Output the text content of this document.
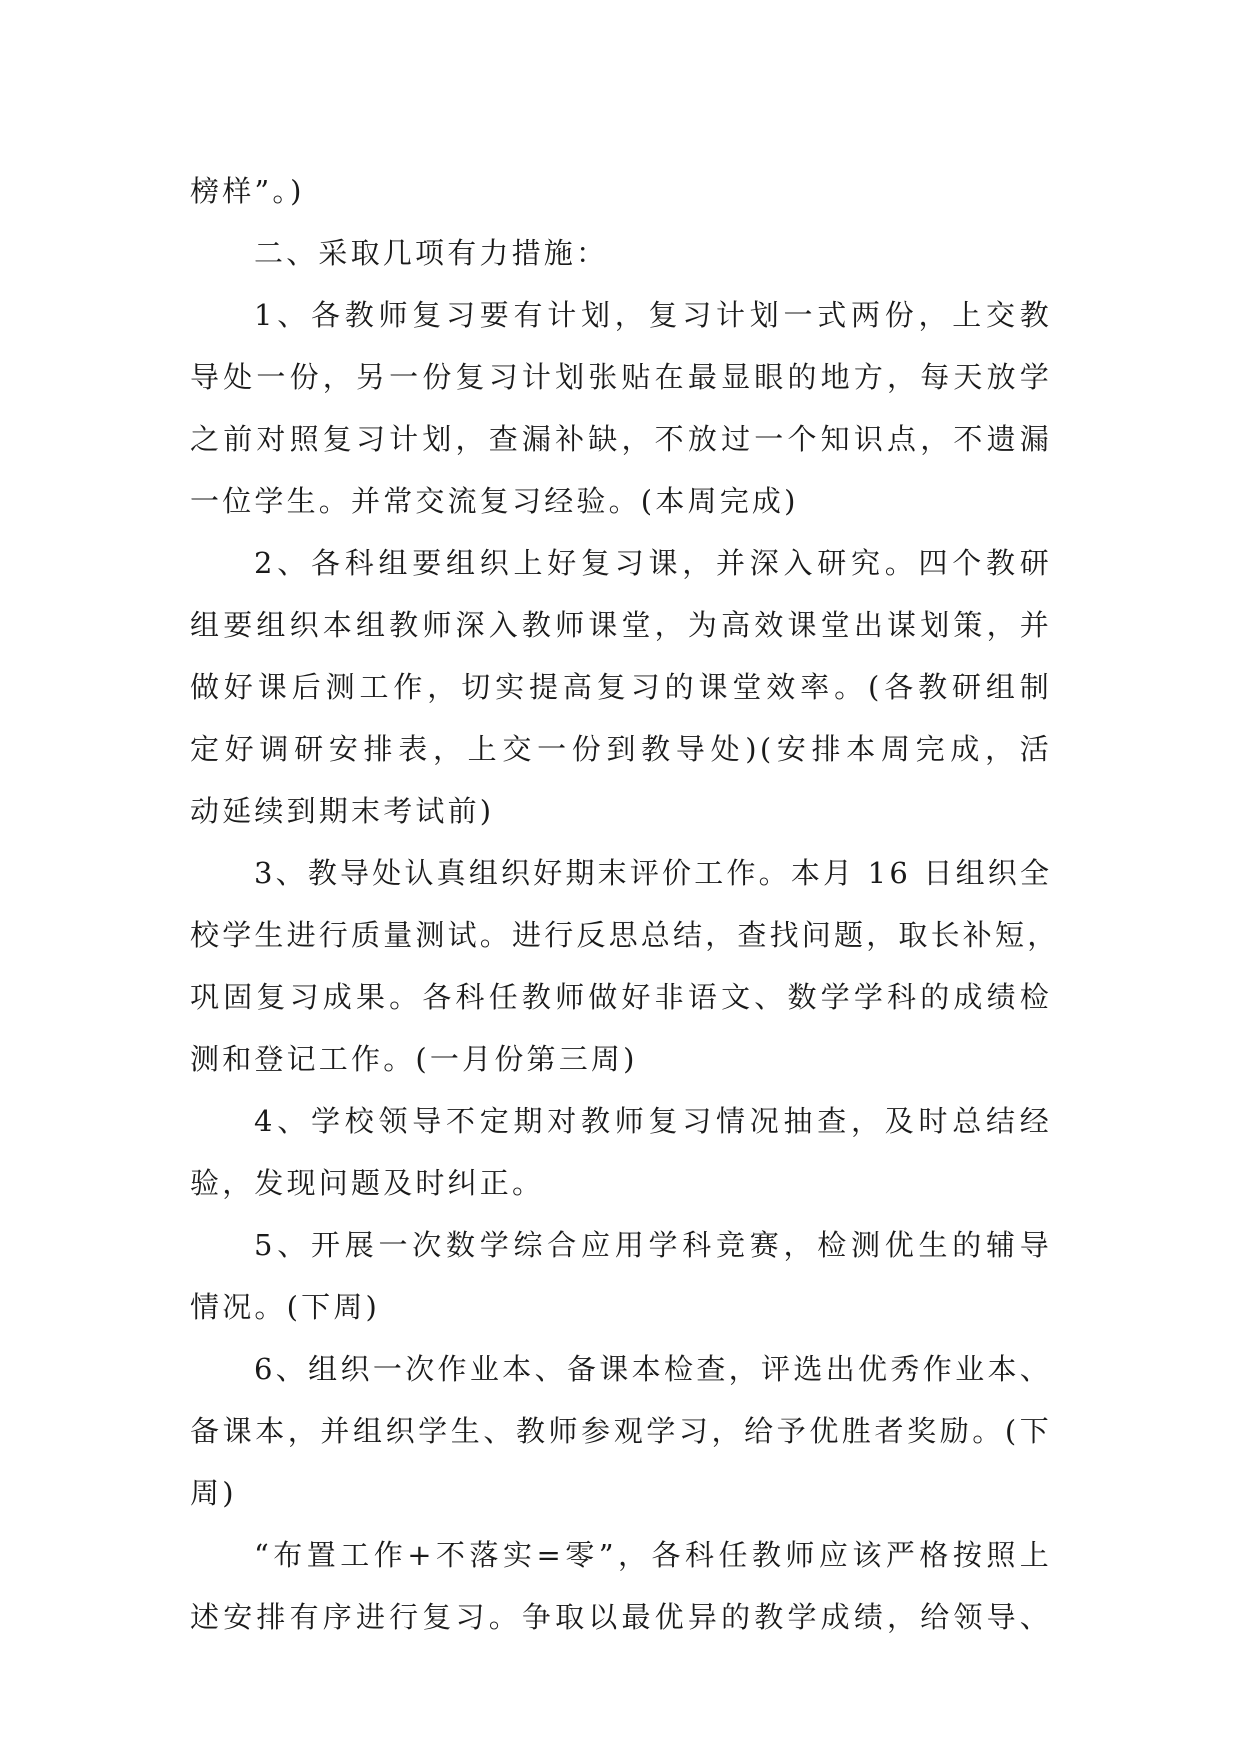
榜样”。)
二、采取几项有力措施：
1、各教师复习要有计划，复习计划一式两份，上交教
导处一份，另一份复习计划张贴在最显眼的地方，每天放学
之前对照复习计划，查漏补缺，不放过一个知识点，不遗漏
一位学生。并常交流复习经验。(本周完成)
2、各科组要组织上好复习课，并深入研究。四个教研
组要组织本组教师深入教师课堂，为高效课堂出谋划策，并
做好课后测工作，切实提高复习的课堂效率。(各教研组制
定好调研安排表，上交一份到教导处)(安排本周完成，活
动延续到期末考试前)
3、教导处认真组织好期末评价工作。本月 16 日组织全
校学生进行质量测试。进行反思总结，查找问题，取长补短，
巩固复习成果。各科任教师做好非语文、数学学科的成绩检
测和登记工作。(一月份第三周)
4、学校领导不定期对教师复习情况抽查，及时总结经
验，发现问题及时纠正。
5、开展一次数学综合应用学科竞赛，检测优生的辅导
情况。(下周)
6、组织一次作业本、备课本检查，评选出优秀作业本、
备课本，并组织学生、教师参观学习，给予优胜者奖励。(下
周)
“布置工作+不落实=零”，各科任教师应该严格按照上
述安排有序进行复习。争取以最优异的教学成绩，给领导、
